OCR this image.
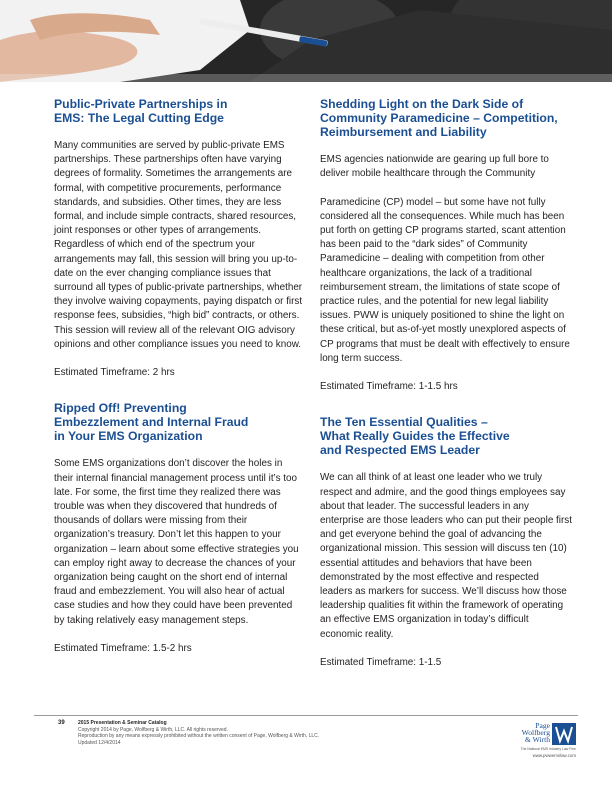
Public-Private Partnerships in
EMS: The Legal Cutting Edge

Many communities are served by public-private EMS partnerships. These partnerships often have varying degrees of formality. Sometimes the arrangements are formal, with competitive procurements, performance standards, and subsidies. Other times, they are less formal, and include simple contracts, shared resources, joint responses or other types of arrangements. Regardless of which end of the spectrum your arrangements may fall, this session will bring you up-to-date on the ever changing compliance issues that surround all types of public-private partnerships, whether they involve waiving copayments, paying dispatch or first response fees, subsidies, “high bid” contracts, or others. This session will review all of the relevant OIG advisory opinions and other compliance issues you need to know.

Estimated Timeframe: 2 hrs
Ripped Off! Preventing
Embezzlement and Internal Fraud
in Your EMS Organization

Some EMS organizations don’t discover the holes in their internal financial management process until it’s too late. For some, the first time they realized there was trouble was when they discovered that hundreds of thousands of dollars were missing from their organization’s treasury. Don’t let this happen to your organization – learn about some effective strategies you can employ right away to decrease the chances of your organization being caught on the short end of internal fraud and embezzlement. You will also hear of actual case studies and how they could have been prevented by taking relatively easy management steps.

Estimated Timeframe: 1.5-2 hrs
Shedding Light on the Dark Side of
Community Paramedicine – Competition,
Reimbursement and Liability

EMS agencies nationwide are gearing up full bore to deliver mobile healthcare through the Community

Paramedicine (CP) model – but some have not fully considered all the consequences. While much has been put forth on getting CP programs started, scant attention has been paid to the “dark sides” of Community Paramedicine – dealing with competition from other healthcare organizations, the lack of a traditional reimbursement stream, the limitations of state scope of practice rules, and the potential for new legal liability issues. PWW is uniquely positioned to shine the light on these critical, but as-of-yet mostly unexplored aspects of CP programs that must be dealt with effectively to ensure long term success.

Estimated Timeframe: 1-1.5 hrs
The Ten Essential Qualities –
What Really Guides the Effective
and Respected EMS Leader

We can all think of at least one leader who we truly respect and admire, and the good things employees say about that leader. The successful leaders in any enterprise are those leaders who can put their people first and get everyone behind the goal of advancing the organizational mission. This session will discuss ten (10) essential attitudes and behaviors that have been demonstrated by the most effective and respected leaders as markers for success. We’ll discuss how those leadership qualities fit within the framework of operating an effective EMS organization in today’s difficult economic reality.

Estimated Timeframe: 1-1.5
39	2015 Presentation & Seminar Catalog
Copyright 2014 by Page, Wolfberg & Wirth, LLC. All rights reserved.
Reproduction by any means expressly prohibited without the written consent of Page, Wolfberg & Wirth, LLC.
Updated 12/4/2014
Page
Wolfberg
& Wirth
The National EMS Industry Law Firm
www.pwwemslaw.com
